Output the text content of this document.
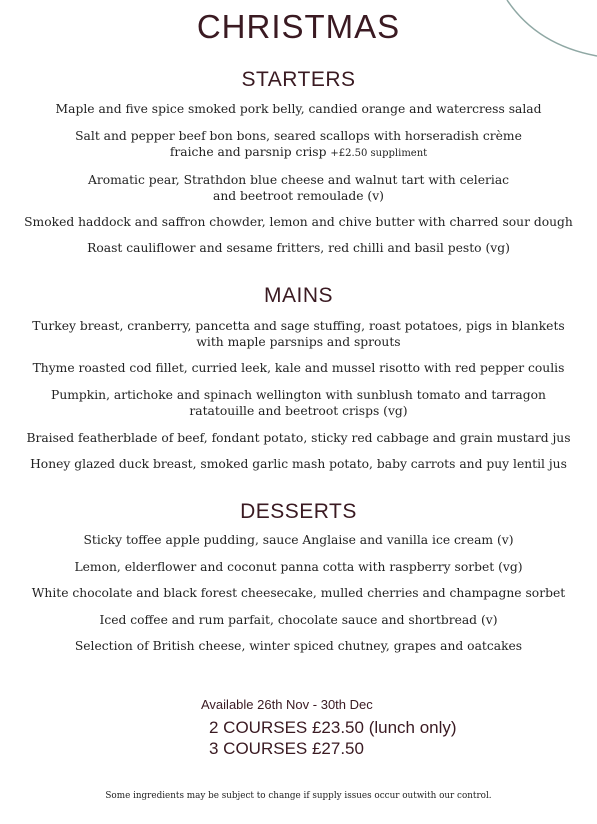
CHRISTMAS
STARTERS
Maple and five spice smoked pork belly, candied orange and watercress salad
Salt and pepper beef bon bons, seared scallops with horseradish crème
fraiche and parsnip crisp +£2.50 suppliment
Aromatic pear, Strathdon blue cheese and walnut tart with celeriac
and beetroot remoulade (v)
Smoked haddock and saffron chowder, lemon and chive butter with charred sour dough
Roast cauliflower and sesame fritters, red chilli and basil pesto (vg)
MAINS
Turkey breast, cranberry, pancetta and sage stuffing, roast potatoes, pigs in blankets
with maple parsnips and sprouts
Thyme roasted cod fillet, curried leek, kale and mussel risotto with red pepper coulis
Pumpkin, artichoke and spinach wellington with sunblush tomato and tarragon
ratatouille and beetroot crisps (vg)
Braised featherblade of beef, fondant potato, sticky red cabbage and grain mustard jus
Honey glazed duck breast, smoked garlic mash potato, baby carrots and puy lentil jus
DESSERTS
Sticky toffee apple pudding, sauce Anglaise and vanilla ice cream (v)
Lemon, elderflower and coconut panna cotta with raspberry sorbet (vg)
White chocolate and black forest cheesecake, mulled cherries and champagne sorbet
Iced coffee and rum parfait, chocolate sauce and shortbread (v)
Selection of British cheese, winter spiced chutney, grapes and oatcakes
Available 26th Nov - 30th Dec
2 COURSES £23.50 (lunch only)
3 COURSES £27.50
Some ingredients may be subject to change if supply issues occur outwith our control.
